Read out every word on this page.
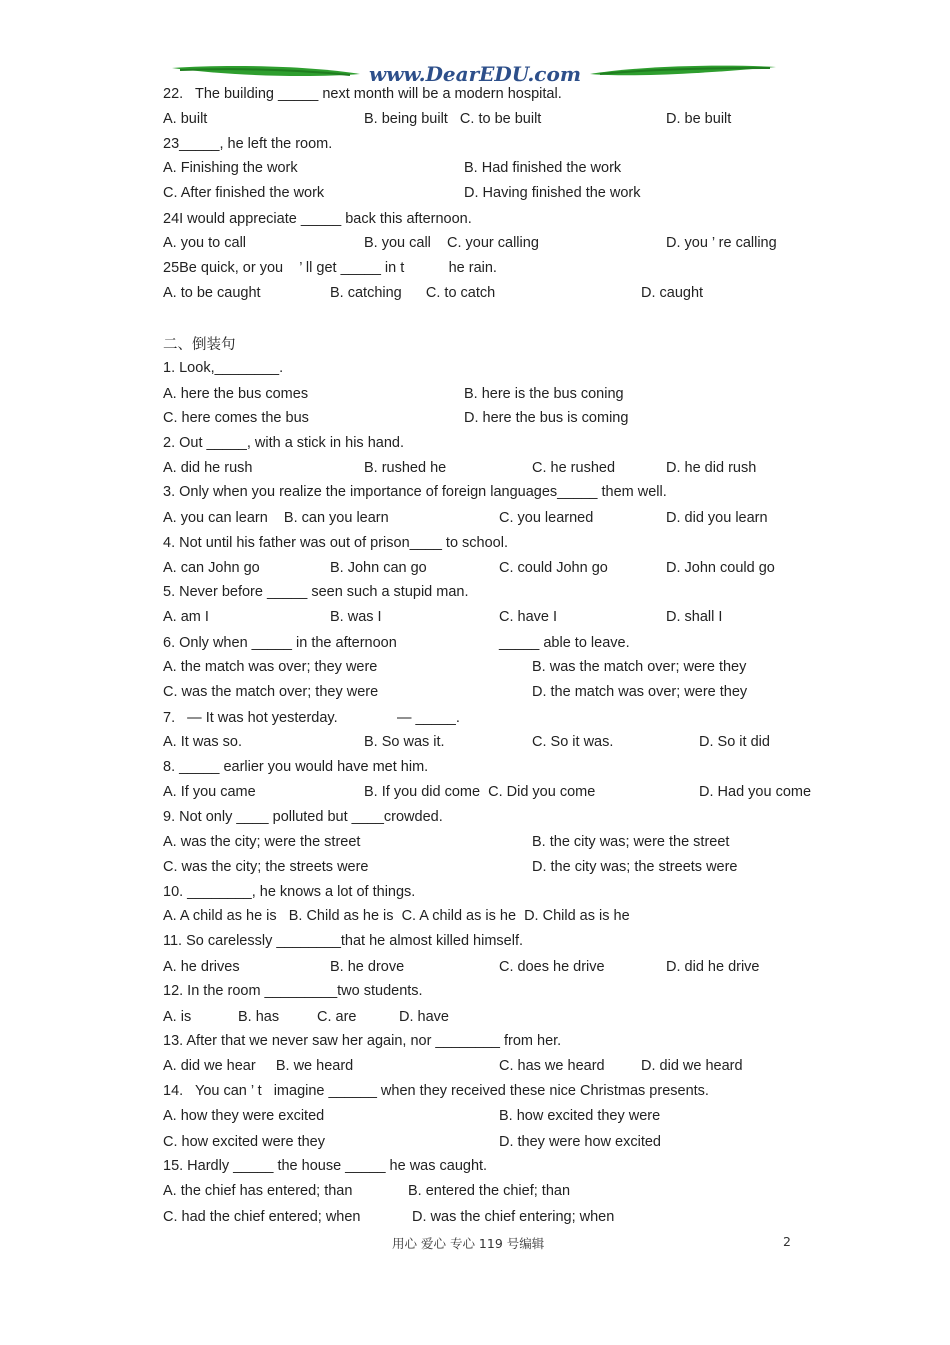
www.DearEDU.com
二、倒装句
22.   The building _____ next month will be a modern hospital.
A. built	B. being built   C. to be built	D. be built
23_____, he left the room.
A. Finishing the work	B. Had finished the work
C. After finished the work	D. Having finished the work
24I would appreciate _____ back this afternoon.
A. you to call	B. you call    C. your calling	D. you ’ re calling
25Be quick, or you    ’ ll get _____ in t           he rain.
A. to be caught	B. catching      C. to catch	D. caught
1. Look,________.
A. here the bus comes	B. here is the bus coning
C. here comes the bus	D. here the bus is coming
2. Out _____, with a stick in his hand.
A. did he rush	B. rushed he	C. he rushed	D. he did rush
3. Only when you realize the importance of foreign languages_____ them well.
A. you can learn    B. can you learn	C. you learned	D. did you learn
4. Not until his father was out of prison____ to school.
A. can John go	B. John can go	C. could John go	D. John could go
5. Never before _____ seen such a stupid man.
A. am I	B. was I	C. have I	D. shall I
6. Only when _____ in the afternoon	_____ able to leave.
A. the match was over; they were	B. was the match over; were they
C. was the match over; they were	D. the match was over; were they
7.   — It was hot yesterday.	— _____.
A. It was so.	B. So was it.	C. So it was.	D. So it did
8. _____ earlier you would have met him.
A. If you came	B. If you did come  C. Did you come	D. Had you come
9. Not only ____ polluted but ____crowded.
A. was the city; were the street	B. the city was; were the street
C. was the city; the streets were	D. the city was; the streets were
10. ________, he knows a lot of things.
A. A child as he is   B. Child as he is  C. A child as is he  D. Child as is he
11. So carelessly ________that he almost killed himself.
A. he drives	B. he drove	C. does he drive	D. did he drive
12. In the room _________two students.
A. is	B. has	C. are	D. have
13. After that we never saw her again, nor ________ from her.
A. did we hear     B. we heard	C. has we heard	D. did we heard
14.   You can ’ t   imagine ______ when they received these nice Christmas presents.
A. how they were excited	B. how excited they were
C. how excited were they	D. they were how excited
15. Hardly _____ the house _____ he was caught.
A. the chief has entered; than	B. entered the chief; than
C. had the chief entered; when	D. was the chief entering; when
用心 爱心 专心 119 号编辑	2
